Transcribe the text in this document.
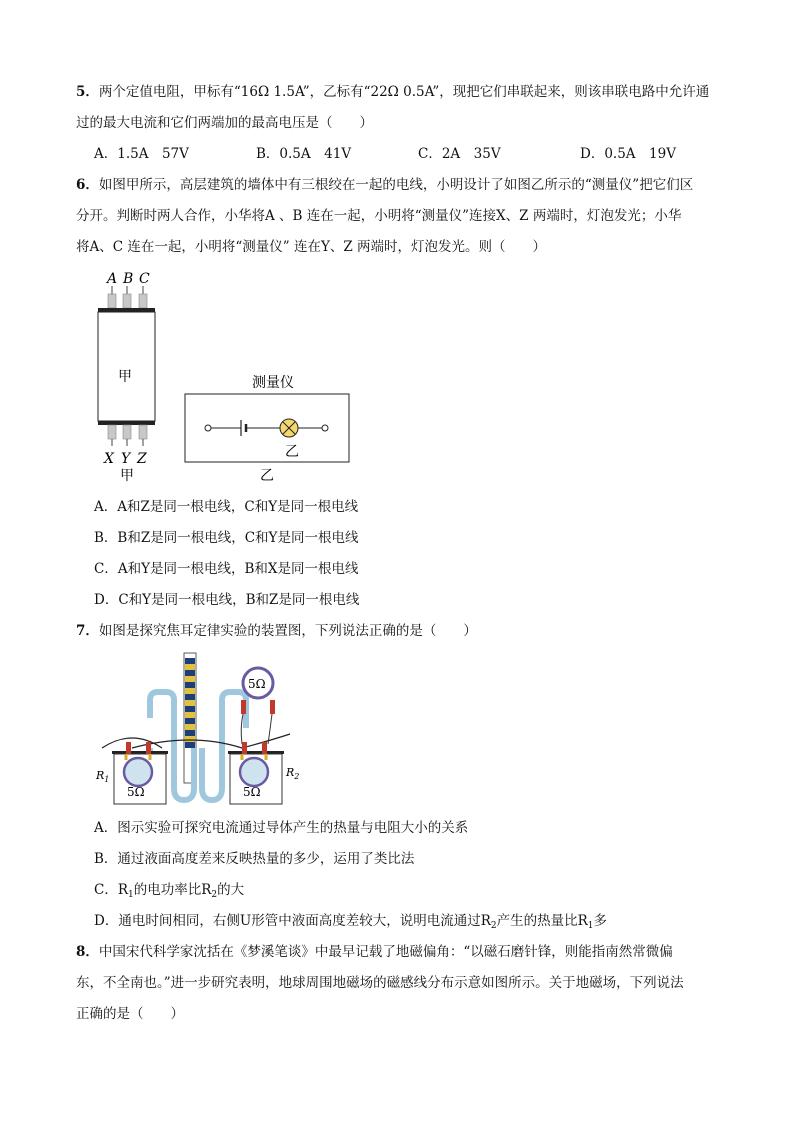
5．两个定值电阻，甲标有“16Ω 1.5A”，乙标有“22Ω 0.5A”，现把它们串联起来，则该串联电路中允许通
过的最大电流和它们两端加的最高电压是（　　）
A．1.5A　57V	B．0.5A　41V	C．2A　35V	D．0.5A　19V
6．如图甲所示，高层建筑的墙体中有三根绞在一起的电线，小明设计了如图乙所示的“测量仪”把它们区
分开。判断时两人合作，小华将A 、B 连在一起，小明将“测量仪”连接X、Z 两端时，灯泡发光；小华
将A、C 连在一起，小明将“测量仪” 连在Y、Z 两端时，灯泡发光。则（　　）
A B C
甲
X Y Z
甲
测量仪
乙
乙
A．A和Z是同一根电线，C和Y是同一根电线
B．B和Z是同一根电线，C和Y是同一根电线
C．A和Y是同一根电线，B和X是同一根电线
D．C和Y是同一根电线，B和Z是同一根电线
7．如图是探究焦耳定律实验的装置图，下列说法正确的是（　　）
5Ω
5Ω
$R_1$
5Ω
$R_2$
A．图示实验可探究电流通过导体产生的热量与电阻大小的关系
B．通过液面高度差来反映热量的多少，运用了类比法
C．$R_1$的电功率比$R_2$的大
D．通电时间相同，右侧U形管中液面高度差较大，说明电流通过$R_2$产生的热量比$R_1$多
8．中国宋代科学家沈括在《梦溪笔谈》中最早记载了地磁偏角：“以磁石磨针锋，则能指南然常微偏
东，不全南也。”进一步研究表明，地球周围地磁场的磁感线分布示意如图所示。关于地磁场，下列说法
正确的是（　　）
